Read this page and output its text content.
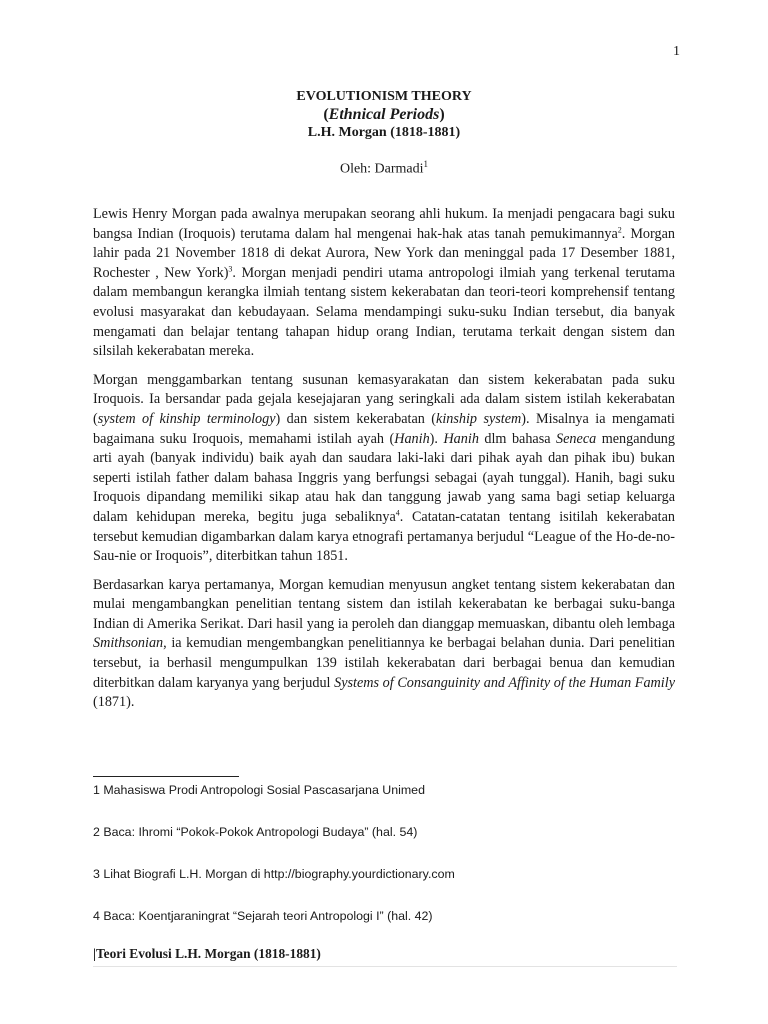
1
EVOLUTIONISM THEORY
(Ethnical Periods)
L.H. Morgan (1818-1881)
Oleh: Darmadi$^1$

Lewis Henry Morgan pada awalnya merupakan seorang ahli hukum. Ia menjadi pengacara bagi suku bangsa Indian (Iroquois) terutama dalam hal mengenai hak-hak atas tanah pemukimannya$^2$. Morgan lahir pada 21 November 1818 di dekat Aurora, New York dan meninggal pada 17 Desember 1881, Rochester , New York)$^3$. Morgan menjadi pendiri utama antropologi ilmiah yang terkenal terutama dalam membangun kerangka ilmiah tentang sistem kekerabatan dan teori-teori komprehensif tentang evolusi masyarakat dan kebudayaan. Selama mendampingi suku-suku Indian tersebut, dia banyak mengamati dan belajar tentang tahapan hidup orang Indian, terutama terkait dengan sistem dan silsilah kekerabatan mereka.

Morgan menggambarkan tentang susunan kemasyarakatan dan sistem kekerabatan pada suku Iroquois. Ia bersandar pada gejala kesejajaran yang seringkali ada dalam sistem istilah kekerabatan (system of kinship terminology) dan sistem kekerabatan (kinship system). Misalnya ia mengamati bagaimana suku Iroquois, memahami istilah ayah (Hanih). Hanih dlm bahasa Seneca mengandung arti ayah (banyak individu) baik ayah dan saudara laki-laki dari pihak ayah dan pihak ibu) bukan seperti istilah father dalam bahasa Inggris yang berfungsi sebagai (ayah tunggal). Hanih, bagi suku Iroquois dipandang memiliki sikap atau hak dan tanggung jawab yang sama bagi setiap keluarga dalam kehidupan mereka, begitu juga sebaliknya$^4$. Catatan-catatan tentang isitilah kekerabatan tersebut kemudian digambarkan dalam karya etnografi pertamanya berjudul “League of the Ho-de-no-Sau-nie or Iroquois”, diterbitkan tahun 1851.

Berdasarkan karya pertamanya, Morgan kemudian menyusun angket tentang sistem kekerabatan dan mulai mengambangkan penelitian tentang sistem dan istilah kekerabatan ke berbagai suku-banga Indian di Amerika Serikat. Dari hasil yang ia peroleh dan dianggap memuaskan, dibantu oleh lembaga Smithsonian, ia kemudian mengembangkan penelitiannya ke berbagai belahan dunia. Dari penelitian tersebut, ia berhasil mengumpulkan 139 istilah kekerabatan dari berbagai benua dan kemudian diterbitkan dalam karyanya yang berjudul Systems of Consanguinity and Affinity of the Human Family (1871).

1 Mahasiswa Prodi Antropologi Sosial Pascasarjana Unimed
2 Baca: Ihromi “Pokok-Pokok Antropologi Budaya” (hal. 54)
3 Lihat Biografi L.H. Morgan di http://biography.yourdictionary.com
4 Baca: Koentjaraningrat “Sejarah teori Antropologi I” (hal. 42)
|Teori Evolusi L.H. Morgan (1818-1881)
